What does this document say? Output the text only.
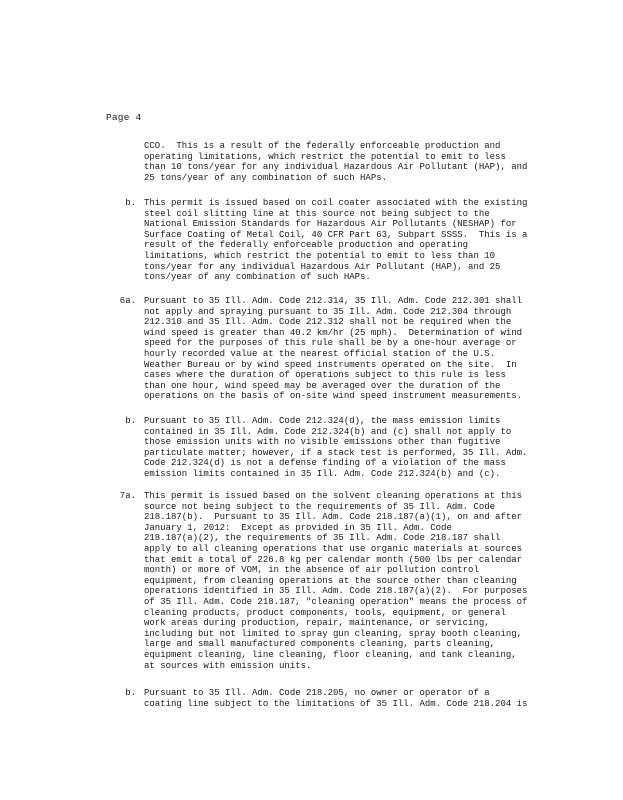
Page 4
CCO.  This is a result of the federally enforceable production and
operating limitations, which restrict the potential to emit to less
than 10 tons/year for any individual Hazardous Air Pollutant (HAP), and
25 tons/year of any combination of such HAPs.
b. This permit is issued based on coil coater associated with the existing
steel coil slitting line at this source not being subject to the
National Emission Standards for Hazardous Air Pollutants (NESHAP) for
Surface Coating of Metal Coil, 40 CFR Part 63, Subpart SSSS.  This is a
result of the federally enforceable production and operating
limitations, which restrict the potential to emit to less than 10
tons/year for any individual Hazardous Air Pollutant (HAP), and 25
tons/year of any combination of such HAPs.
6a. Pursuant to 35 Ill. Adm. Code 212.314, 35 Ill. Adm. Code 212.301 shall
not apply and spraying pursuant to 35 Ill. Adm. Code 212.304 through
212.310 and 35 Ill. Adm. Code 212.312 shall not be required when the
wind speed is greater than 40.2 km/hr (25 mph).  Determination of wind
speed for the purposes of this rule shall be by a one-hour average or
hourly recorded value at the nearest official station of the U.S.
Weather Bureau or by wind speed instruments operated on the site.  In
cases where the duration of operations subject to this rule is less
than one hour, wind speed may be averaged over the duration of the
operations on the basis of on-site wind speed instrument measurements.
b. Pursuant to 35 Ill. Adm. Code 212.324(d), the mass emission limits
contained in 35 Ill. Adm. Code 212.324(b) and (c) shall not apply to
those emission units with no visible emissions other than fugitive
particulate matter; however, if a stack test is performed, 35 Ill. Adm.
Code 212.324(d) is not a defense finding of a violation of the mass
emission limits contained in 35 Ill. Adm. Code 212.324(b) and (c).
7a. This permit is issued based on the solvent cleaning operations at this
source not being subject to the requirements of 35 Ill. Adm. Code
218.187(b).  Pursuant to 35 Ill. Adm. Code 218.187(a)(1), on and after
January 1, 2012:  Except as provided in 35 Ill. Adm. Code
218.187(a)(2), the requirements of 35 Ill. Adm. Code 218.187 shall
apply to all cleaning operations that use organic materials at sources
that emit a total of 226.8 kg per calendar month (500 lbs per calendar
month) or more of VOM, in the absence of air pollution control
equipment, from cleaning operations at the source other than cleaning
operations identified in 35 Ill. Adm. Code 218.187(a)(2).  For purposes
of 35 Ill. Adm. Code 218.187, "cleaning operation" means the process of
cleaning products, product components, tools, equipment, or general
work areas during production, repair, maintenance, or servicing,
including but not limited to spray gun cleaning, spray booth cleaning,
large and small manufactured components cleaning, parts cleaning,
equipment cleaning, line cleaning, floor cleaning, and tank cleaning,
at sources with emission units.
b. Pursuant to 35 Ill. Adm. Code 218.205, no owner or operator of a
coating line subject to the limitations of 35 Ill. Adm. Code 218.204 is
